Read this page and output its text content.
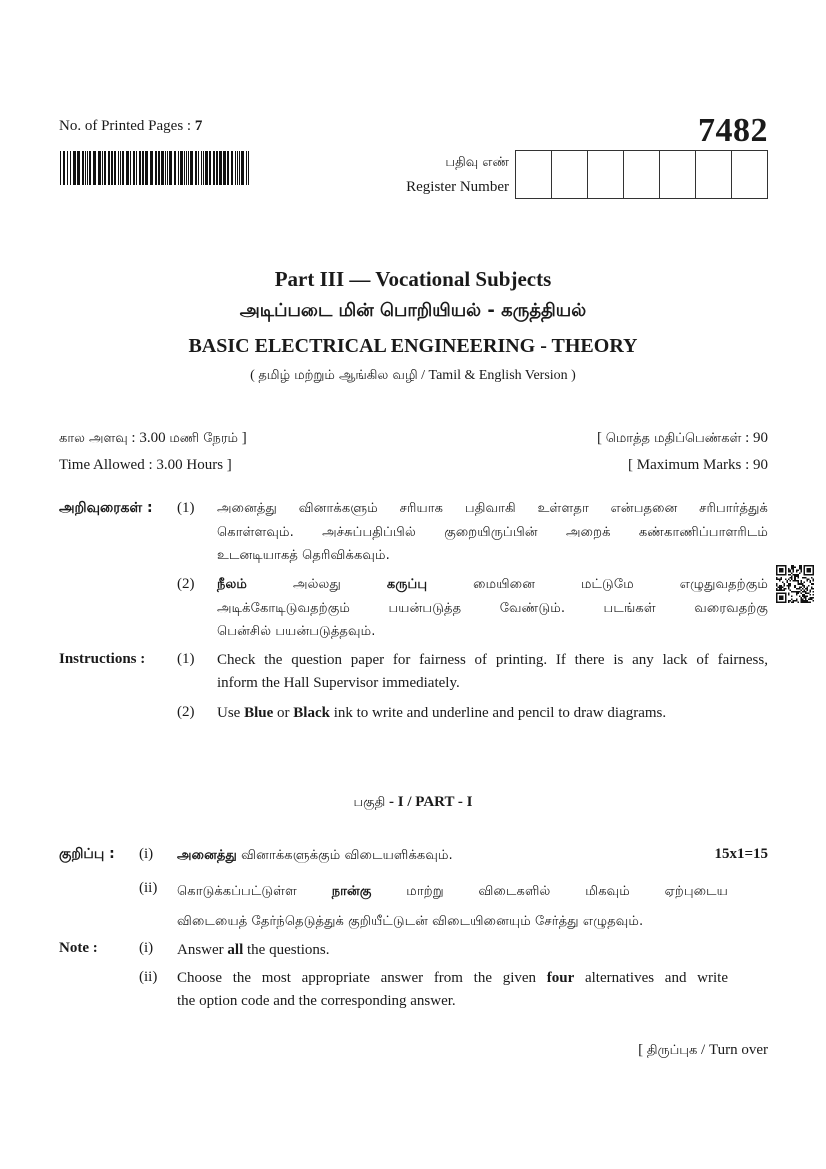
No. of Printed Pages : 7	7482
பதிவு எண்
Register Number
Part III — Vocational Subjects
அடிப்படை மின் பொறியியல் - கருத்தியல்
BASIC ELECTRICAL ENGINEERING - THEORY
( தமிழ் மற்றும் ஆங்கில வழி / Tamil & English Version )
கால அளவு : 3.00 மணி நேரம் ]
Time Allowed : 3.00 Hours ]
[ மொத்த மதிப்பெண்கள் : 90
[ Maximum Marks : 90
அறிவுரைகள் : (1) அனைத்து வினாக்களும் சரியாக பதிவாகி உள்ளதா என்பதனை சரிபார்த்துக்
கொள்ளவும். அச்சுப்பதிப்பில் குறையிருப்பின் அறைக் கண்காணிப்பாளரிடம்
உடனடியாகத் தெரிவிக்கவும்.
(2) நீலம்	அல்லது	கருப்பு	மையினை மட்டுமே எழுதுவதற்கும்
அடிக்கோடிடுவதற்கும் பயன்படுத்த வேண்டும். படங்கள் வரைவதற்கு
பென்சில் பயன்படுத்தவும்.
Instructions : (1) Check the question paper for fairness of printing. If there is any lack of fairness,
inform the Hall Supervisor immediately.
(2) Use Blue or Black ink to write and underline and pencil to draw diagrams.
பகுதி - I / PART - I
குறிப்பு : (i) அனைத்து வினாக்களுக்கும் விடையளிக்கவும்.	15x1=15
(ii) கொடுக்கப்பட்டுள்ள	நான்கு	மாற்று விடைகளில் மிகவும் ஏற்புடைய
விடையைத் தேர்ந்தெடுத்துக் குறியீட்டுடன் விடையினையும் சேர்த்து எழுதவும்.
Note :	(i) Answer all the questions.
(ii) Choose the most appropriate answer from the given four alternatives and write
the option code and the corresponding answer.
[ திருப்புக / Turn over
